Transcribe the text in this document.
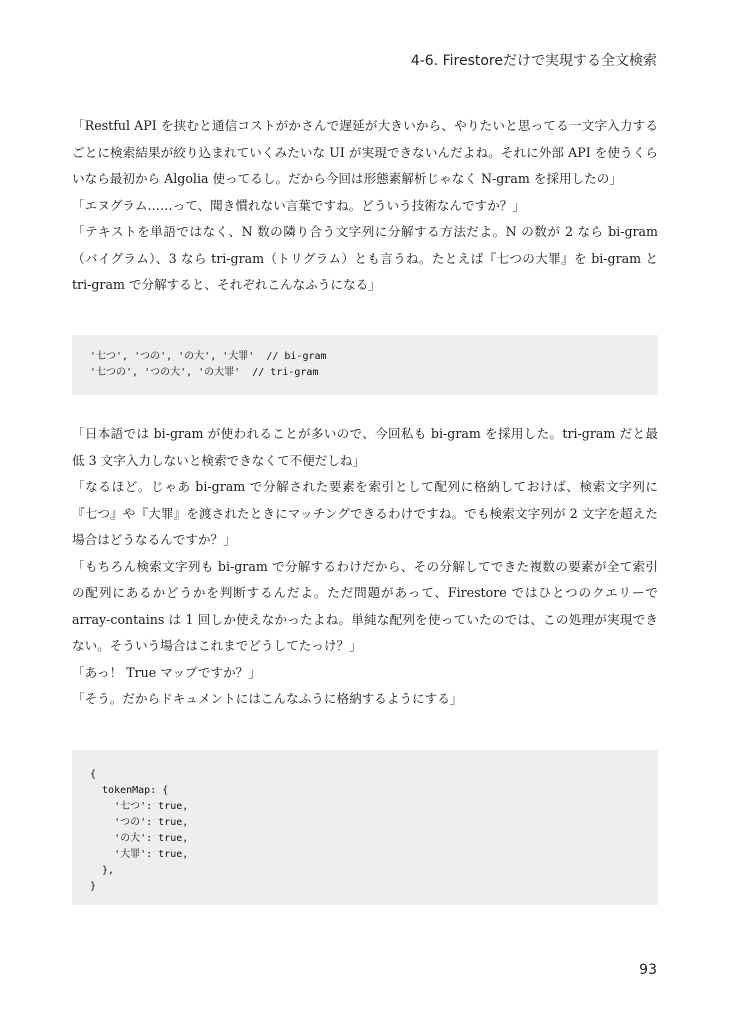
4-6. Firestoreだけで実現する全文検索

「Restful API を挟むと通信コストがかさんで遅延が大きいから、やりたいと思ってる一文字入力するごとに検索結果が絞り込まれていくみたいな UI が実現できないんだよね。それに外部 API を使うくらいなら最初から Algolia 使ってるし。だから今回は形態素解析じゃなく N-gram を採用したの」

「エヌグラム……って、聞き慣れない言葉ですね。どういう技術なんですか？」

「テキストを単語ではなく、N 数の隣り合う文字列に分解する方法だよ。N の数が 2 なら bi-gram（バイグラム）、3 なら tri-gram（トリグラム）とも言うね。たとえば『七つの大罪』を bi-gram と tri-gram で分解すると、それぞれこんなふうになる」

'七つ', 'つの', 'の大', '大罪'  // bi-gram
'七つの', 'つの大', 'の大罪'  // tri-gram

「日本語では bi-gram が使われることが多いので、今回私も bi-gram を採用した。tri-gram だと最低 3 文字入力しないと検索できなくて不便だしね」

「なるほど。じゃあ bi-gram で分解された要素を索引として配列に格納しておけば、検索文字列に『七つ』や『大罪』を渡されたときにマッチングできるわけですね。でも検索文字列が 2 文字を超えた場合はどうなるんですか？」

「もちろん検索文字列も bi-gram で分解するわけだから、その分解してできた複数の要素が全て索引の配列にあるかどうかを判断するんだよ。ただ問題があって、Firestore ではひとつのクエリーで array-contains は 1 回しか使えなかったよね。単純な配列を使っていたのでは、この処理が実現できない。そういう場合はこれまでどうしてたっけ？」

「あっ！ True マップですか？」

「そう。だからドキュメントにはこんなふうに格納するようにする」

{
tokenMap: {
'七つ': true,
'つの': true,
'の大': true,
'大罪': true,
},
}
93
